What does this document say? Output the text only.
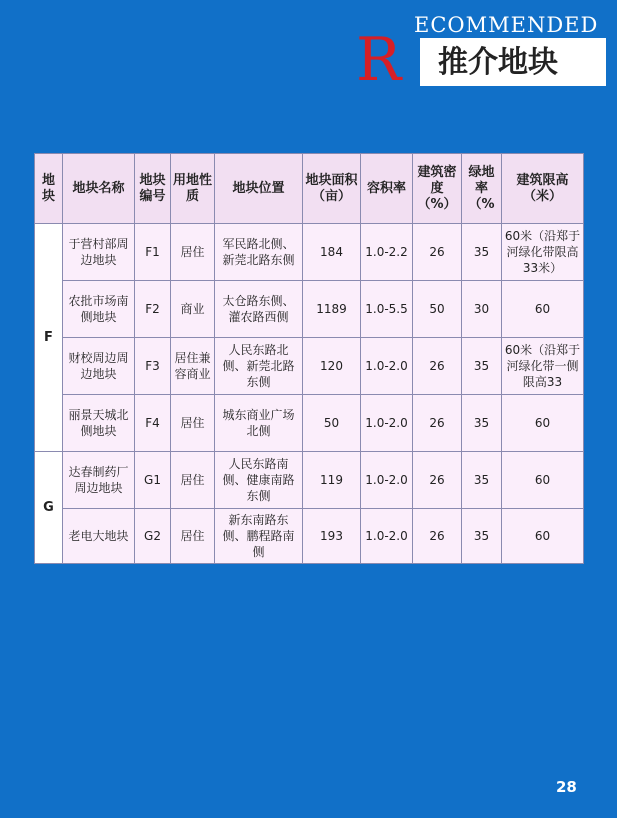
ECOMMENDED
R 推介地块
地块	地块名称	地块编号	用地性质	地块位置	地块面积（亩）	容积率	建筑密度（%）	绿地率（%	建筑限高（米）
F	于营村部周边地块	F1	居住	军民路北侧、新莞北路东侧	184	1.0-2.2	26	35	60米（沿郑于河绿化带限高33米）
	农批市场南侧地块	F2	商业	太仓路东侧、灌农路西侧	1189	1.0-5.5	50	30	60
	财校周边周边地块	F3	居住兼容商业	人民东路北侧、新莞北路东侧	120	1.0-2.0	26	35	60米（沿郑于河绿化带一侧限高33
	丽景天城北侧地块	F4	居住	城东商业广场北侧	50	1.0-2.0	26	35	60
G	达春制药厂周边地块	G1	居住	人民东路南侧、健康南路东侧	119	1.0-2.0	26	35	60
	老电大地块	G2	居住	新东南路东侧、鹏程路南侧	193	1.0-2.0	26	35	60
28
